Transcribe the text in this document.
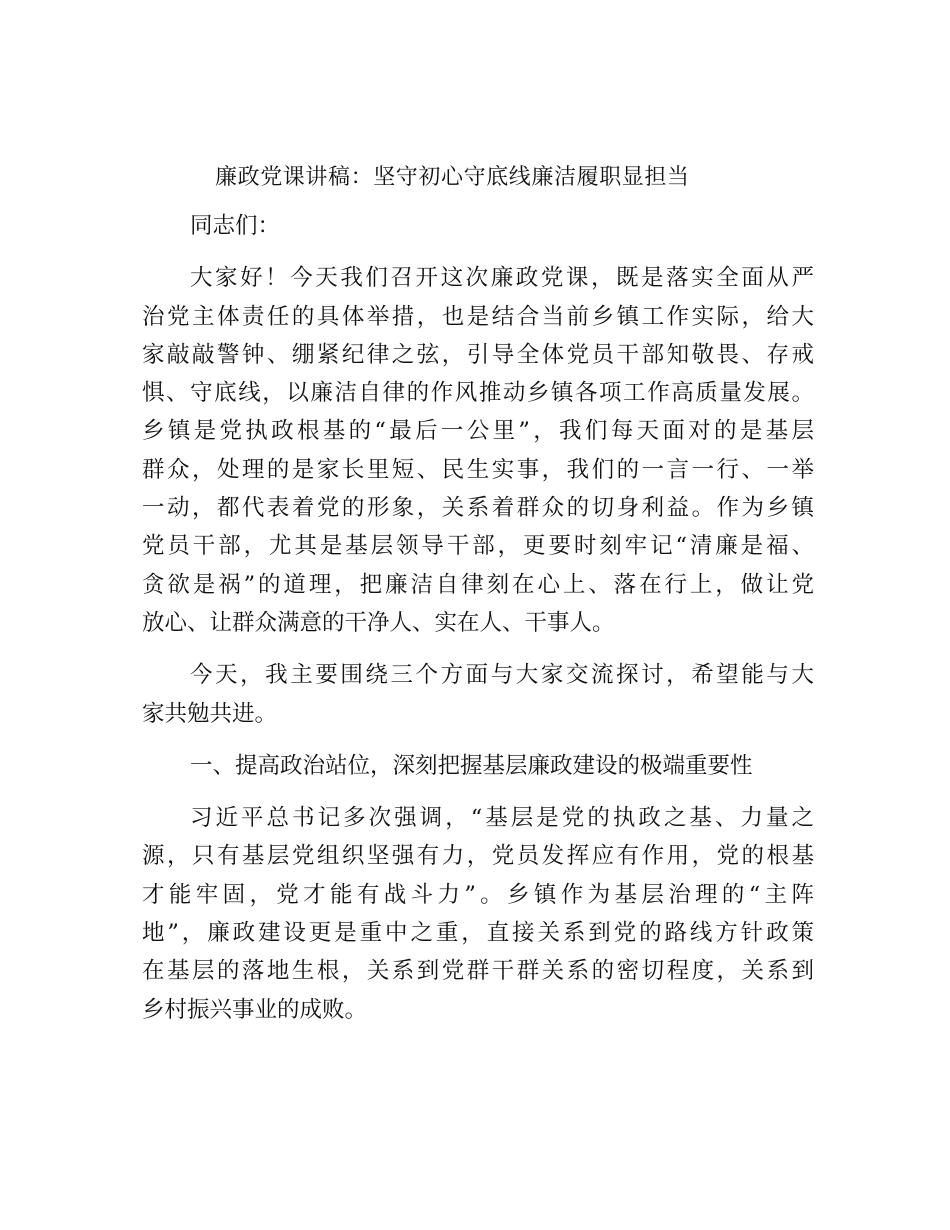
廉政党课讲稿：坚守初心守底线廉洁履职显担当

同志们：

大家好！今天我们召开这次廉政党课，既是落实全面从严
治党主体责任的具体举措，也是结合当前乡镇工作实际，给大
家敲敲警钟、绷紧纪律之弦，引导全体党员干部知敬畏、存戒
惧、守底线，以廉洁自律的作风推动乡镇各项工作高质量发展。
乡镇是党执政根基的“最后一公里”，我们每天面对的是基层
群众，处理的是家长里短、民生实事，我们的一言一行、一举
一动，都代表着党的形象，关系着群众的切身利益。作为乡镇
党员干部，尤其是基层领导干部，更要时刻牢记“清廉是福、
贪欲是祸”的道理，把廉洁自律刻在心上、落在行上，做让党
放心、让群众满意的干净人、实在人、干事人。

今天，我主要围绕三个方面与大家交流探讨，希望能与大
家共勉共进。

一、提高政治站位，深刻把握基层廉政建设的极端重要性

习近平总书记多次强调，“基层是党的执政之基、力量之
源，只有基层党组织坚强有力，党员发挥应有作用，党的根基
才能牢固，党才能有战斗力”。乡镇作为基层治理的“主阵
地”，廉政建设更是重中之重，直接关系到党的路线方针政策
在基层的落地生根，关系到党群干群关系的密切程度，关系到
乡村振兴事业的成败。
